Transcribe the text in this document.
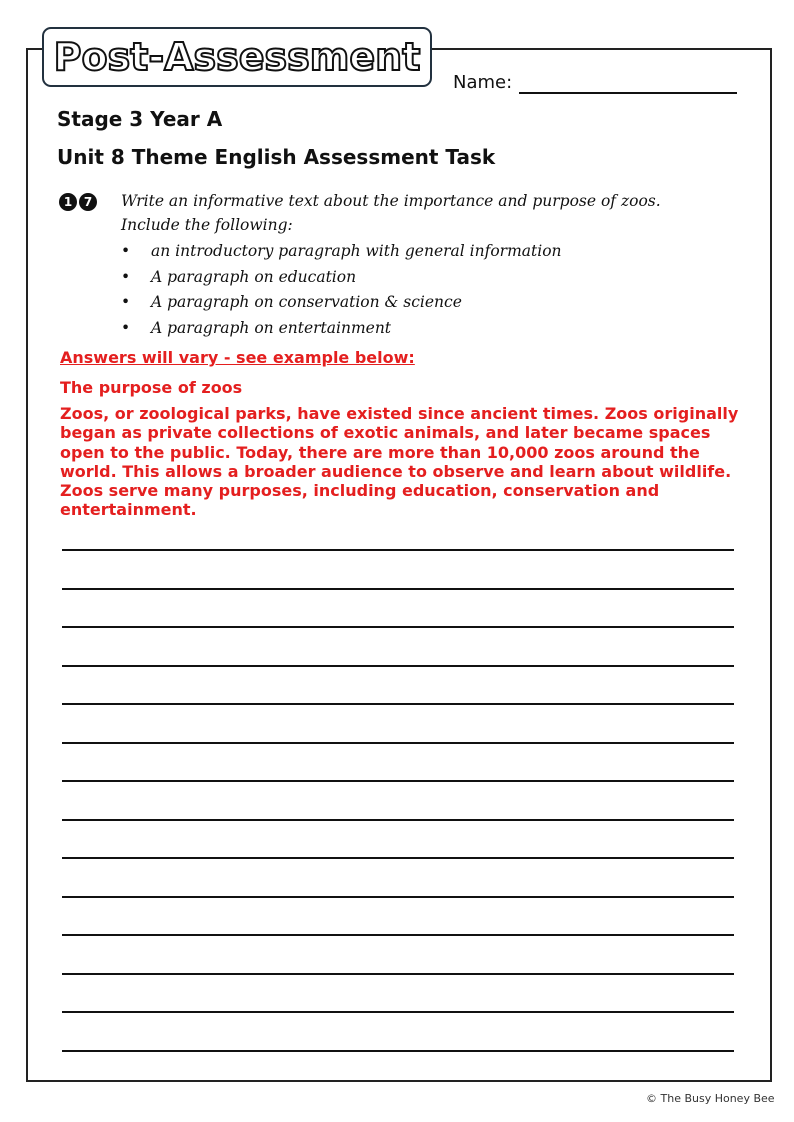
Post-Assessment
Name:
Stage 3 Year A
Unit 8 Theme English Assessment Task
1 7	Write an informative text about the importance and purpose of zoos.
Include the following:
• an introductory paragraph with general information
• A paragraph on education
• A paragraph on conservation & science
• A paragraph on entertainment
Answers will vary - see example below:
The purpose of zoos
Zoos, or zoological parks, have existed since ancient times. Zoos originally began as private collections of exotic animals, and later became spaces open to the public. Today, there are more than 10,000 zoos around the world. This allows a broader audience to observe and learn about wildlife. Zoos serve many purposes, including education, conservation and entertainment.
© The Busy Honey Bee
